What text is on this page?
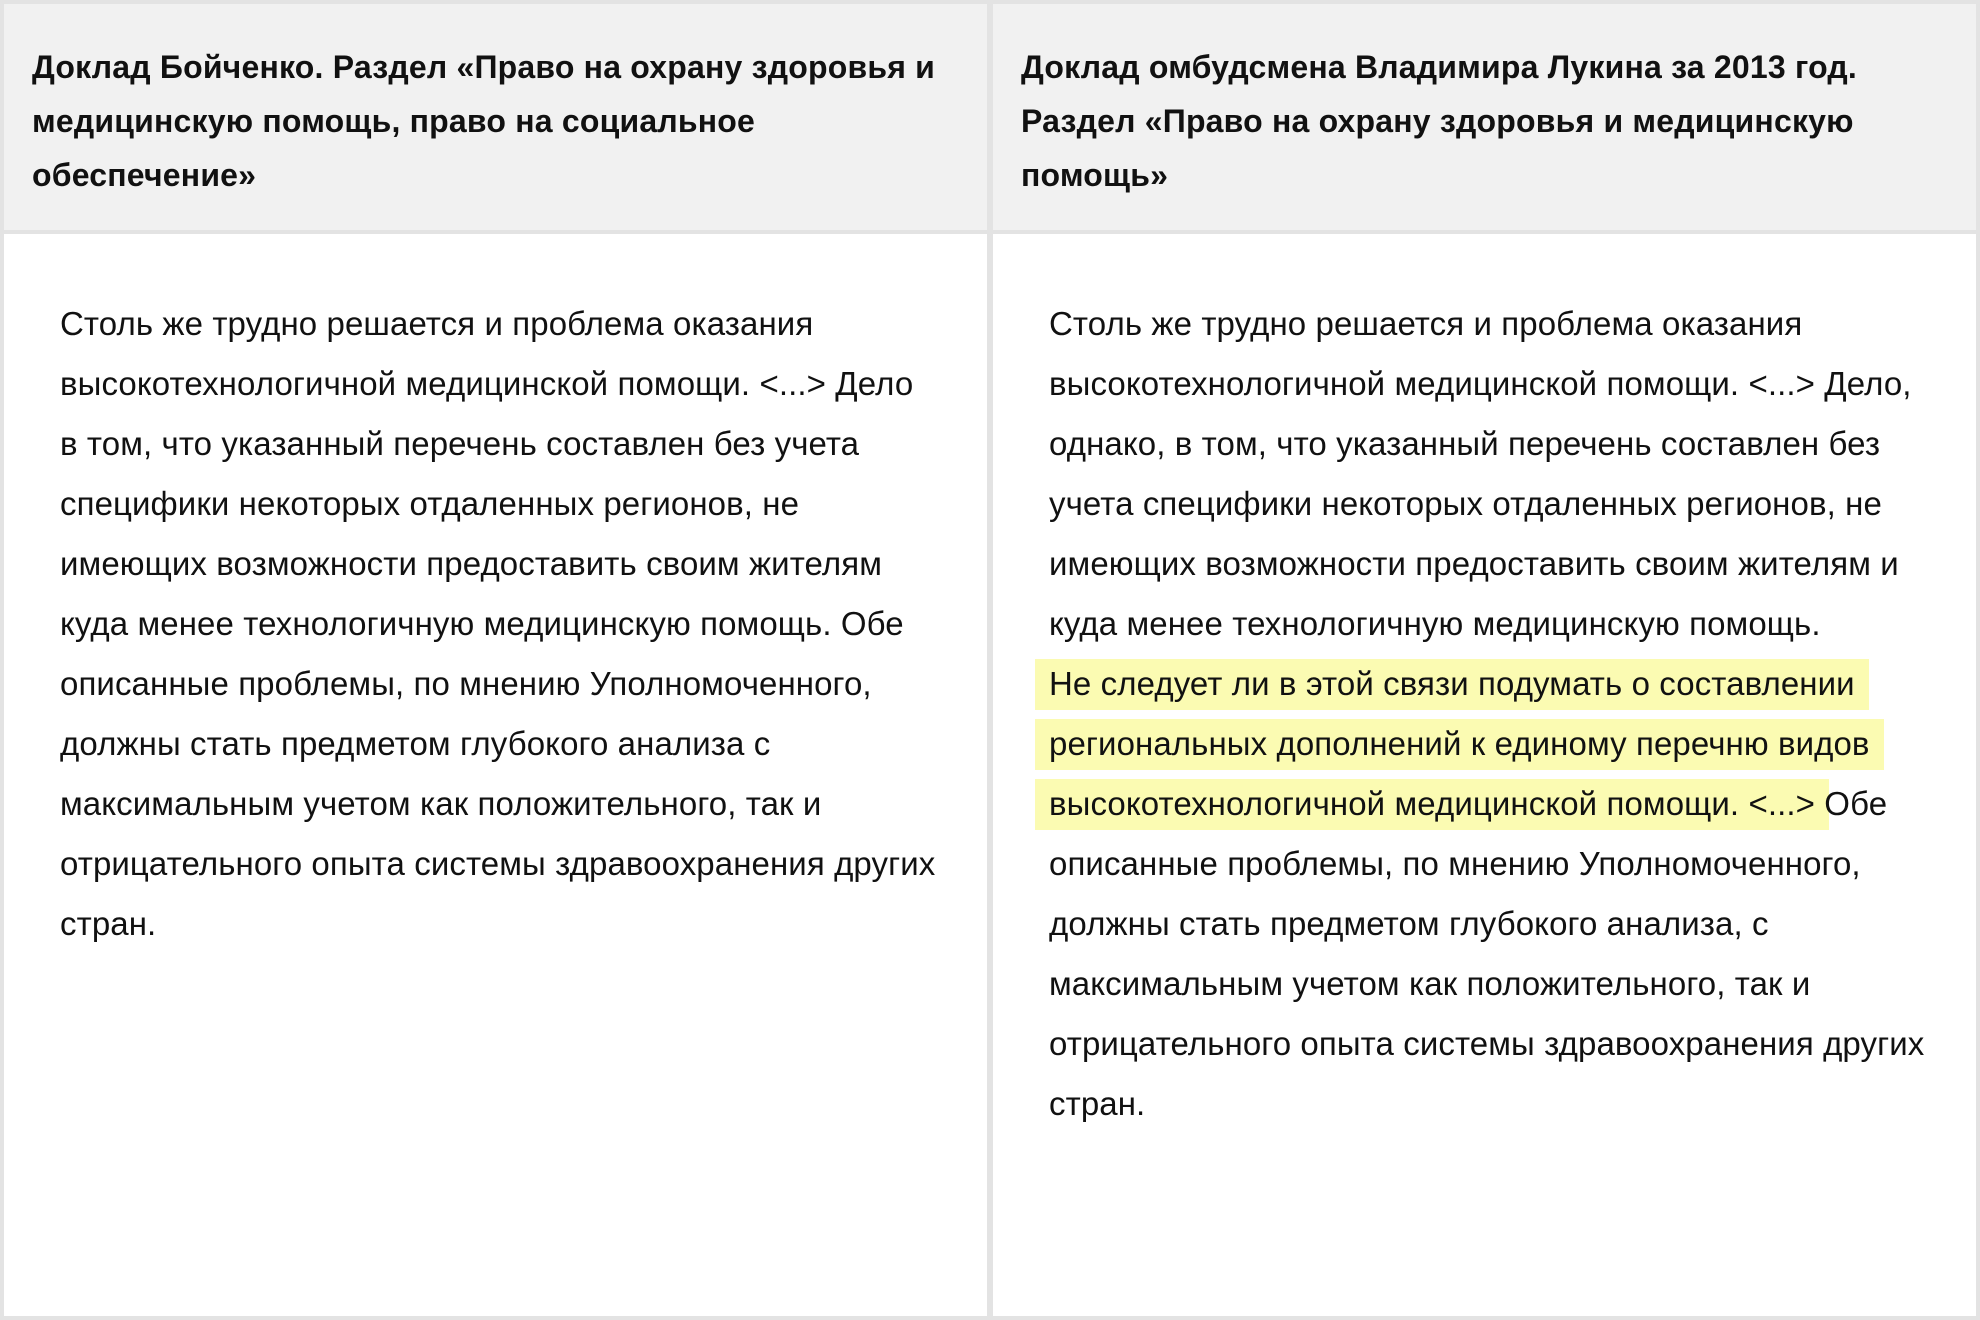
Доклад Бойченко. Раздел «Право на охрану здоровья и медицинскую помощь, право на социальное обеспечение»

Столь же трудно решается и проблема оказания высокотехнологичной медицинской помощи. <...> Дело в том, что указанный перечень составлен без учета специфики некоторых отдаленных регионов, не имеющих возможности предоставить своим жителям куда менее технологичную медицинскую помощь. Обе описанные проблемы, по мнению Уполномоченного, должны стать предметом глубокого анализа с максимальным учетом как положительного, так и отрицательного опыта системы здравоохранения других стран.

Доклад омбудсмена Владимира Лукина за 2013 год. Раздел «Право на охрану здоровья и медицинскую помощь»

Столь же трудно решается и проблема оказания высокотехнологичной медицинской помощи. <...> Дело, однако, в том, что указанный перечень составлен без учета специфики некоторых отдаленных регионов, не имеющих возможности предоставить своим жителям и куда менее технологичную медицинскую помощь.
Не следует ли в этой связи подумать о составлении региональных дополнений к единому перечню видов высокотехнологичной медицинской помощи. <...> Обе описанные проблемы, по мнению Уполномоченного, должны стать предметом глубокого анализа, с максимальным учетом как положительного, так и отрицательного опыта системы здравоохранения других стран.
